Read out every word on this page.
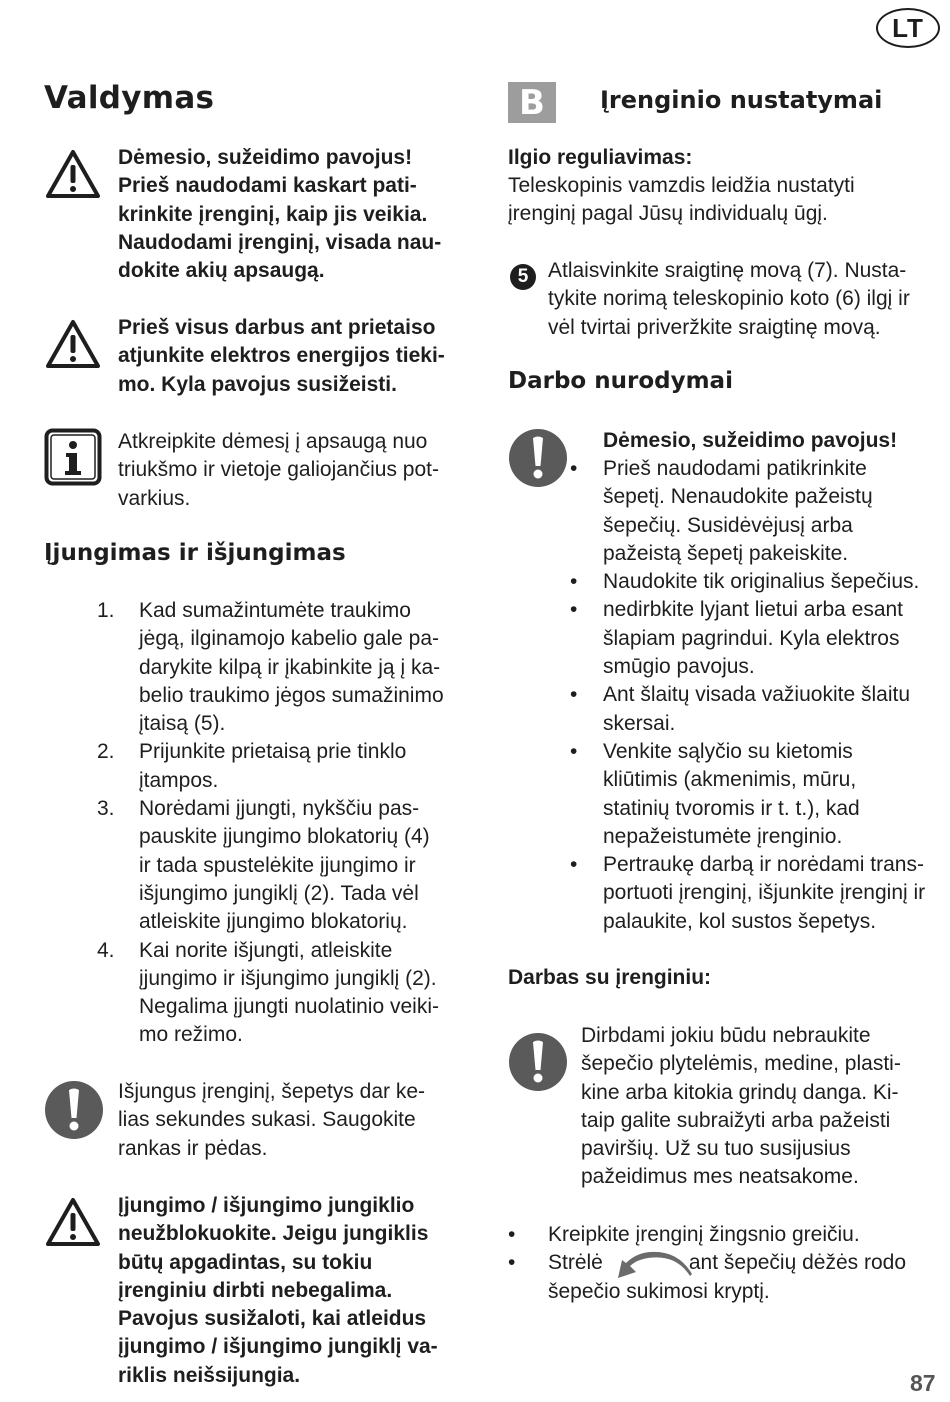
LT
Valdymas
Dėmesio, sužeidimo pavojus!
Prieš naudodami kaskart pati-
krinkite įrenginį, kaip jis veikia.
Naudodami įrenginį, visada nau-
dokite akių apsaugą.
Prieš visus darbus ant prietaiso
atjunkite elektros energijos tieki-
mo. Kyla pavojus susižeisti.
Atkreipkite dėmesį į apsaugą nuo
triukšmo ir vietoje galiojančius pot-
varkius.
Įjungimas ir išjungimas
1. Kad sumažintumėte traukimo
jėgą, ilginamojo kabelio gale pa-
darykite kilpą ir įkabinkite ją į ka-
belio traukimo jėgos sumažinimo
įtaisą (5).
2. Prijunkite prietaisą prie tinklo
įtampos.
3. Norėdami įjungti, nykščiu pas-
pauskite įjungimo blokatorių (4)
ir tada spustelėkite įjungimo ir
išjungimo jungiklį (2). Tada vėl
atleiskite įjungimo blokatorių.
4. Kai norite išjungti, atleiskite
įjungimo ir išjungimo jungiklį (2).
Negalima įjungti nuolatinio veiki-
mo režimo.
Išjungus įrenginį, šepetys dar ke-
lias sekundes sukasi. Saugokite
rankas ir pėdas.
Įjungimo / išjungimo jungiklio
neužblokuokite. Jeigu jungiklis
būtų apgadintas, su tokiu
įrenginiu dirbti nebegalima.
Pavojus susižaloti, kai atleidus
įjungimo / išjungimo jungiklį va-
riklis neišsijungia.
B	Įrenginio nustatymai
Ilgio reguliavimas:
Teleskopinis vamzdis leidžia nustatyti
įrenginį pagal Jūsų individualų ūgį.
5 Atlaisvinkite sraigtinę movą (7). Nusta-
tykite norimą teleskopinio koto (6) ilgį ir
vėl tvirtai priveržkite sraigtinę movą.
Darbo nurodymai
Dėmesio, sužeidimo pavojus!
• Prieš naudodami patikrinkite
šepetį. Nenaudokite pažeistų
šepečių. Susidėvėjusį arba
pažeistą šepetį pakeiskite.
• Naudokite tik originalius šepečius.
• nedirbkite lyjant lietui arba esant
šlapiam pagrindui. Kyla elektros
smūgio pavojus.
• Ant šlaitų visada važiuokite šlaitu
skersai.
• Venkite sąlyčio su kietomis
kliūtimis (akmenimis, mūru,
statinių tvoromis ir t. t.), kad
nepažeistumėte įrenginio.
• Pertraukę darbą ir norėdami trans-
portuoti įrenginį, išjunkite įrenginį ir
palaukite, kol sustos šepetys.
Darbas su įrenginiu:
Dirbdami jokiu būdu nebraukite
šepečio plytelėmis, medine, plasti-
kine arba kitokia grindų danga. Ki-
taip galite subraižyti arba pažeisti
paviršių. Už su tuo susijusius
pažeidimus mes neatsakome.
• Kreipkite įrenginį žingsnio greičiu.
• Strėlė	ant šepečių dėžės rodo
šepečio sukimosi kryptį.
87
